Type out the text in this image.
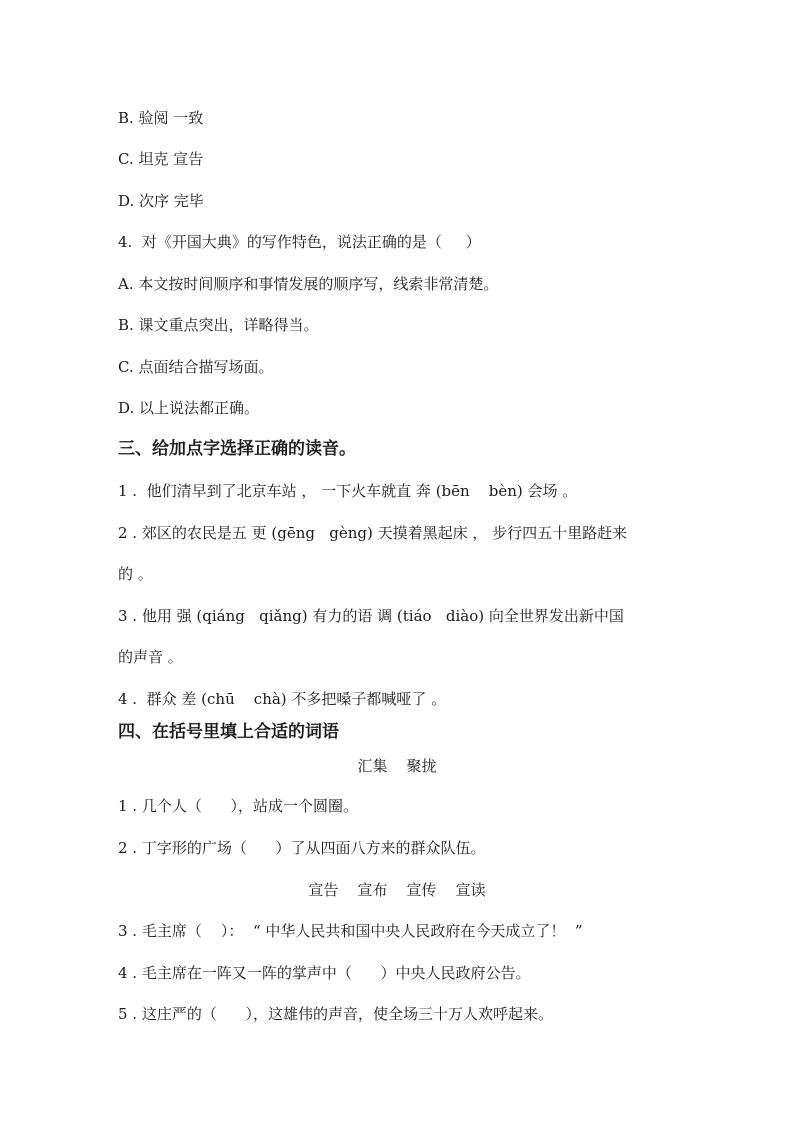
B. 验阅 一致
C. 坦克 宣告
D. 次序 完毕
4.  对《开国大典》的写作特色，说法正确的是（     ）
A. 本文按时间顺序和事情发展的顺序写，线索非常清楚。
B. 课文重点突出，详略得当。
C. 点面结合描写场面。
D. 以上说法都正确。
三、给加点字选择正确的读音。
1 .  他们清早到了北京车站 ， 一下火车就直 奔 (bēn    bèn) 会场 。
2 . 郊区的农民是五 更 (gēng   gèng) 天摸着黑起床 ， 步行四五十里路赶来
的 。
3 . 他用 强 (qiáng   qiǎng) 有力的语 调 (tiáo   diào) 向全世界发出新中国
的声音 。
4 .  群众 差 (chū    chà) 不多把嗓子都喊哑了 。
四、在括号里填上合适的词语
汇集    聚拢
1 . 几个人（      ），站成一个圆圈。
2 . 丁字形的广场（      ）了从四面八方来的群众队伍。
宣告    宣布    宣传    宣读
3 . 毛主席（    ）：  “ 中华人民共和国中央人民政府在今天成立了！  ”
4 . 毛主席在一阵又一阵的掌声中（      ）中央人民政府公告。
5 . 这庄严的（      ），这雄伟的声音，使全场三十万人欢呼起来。
